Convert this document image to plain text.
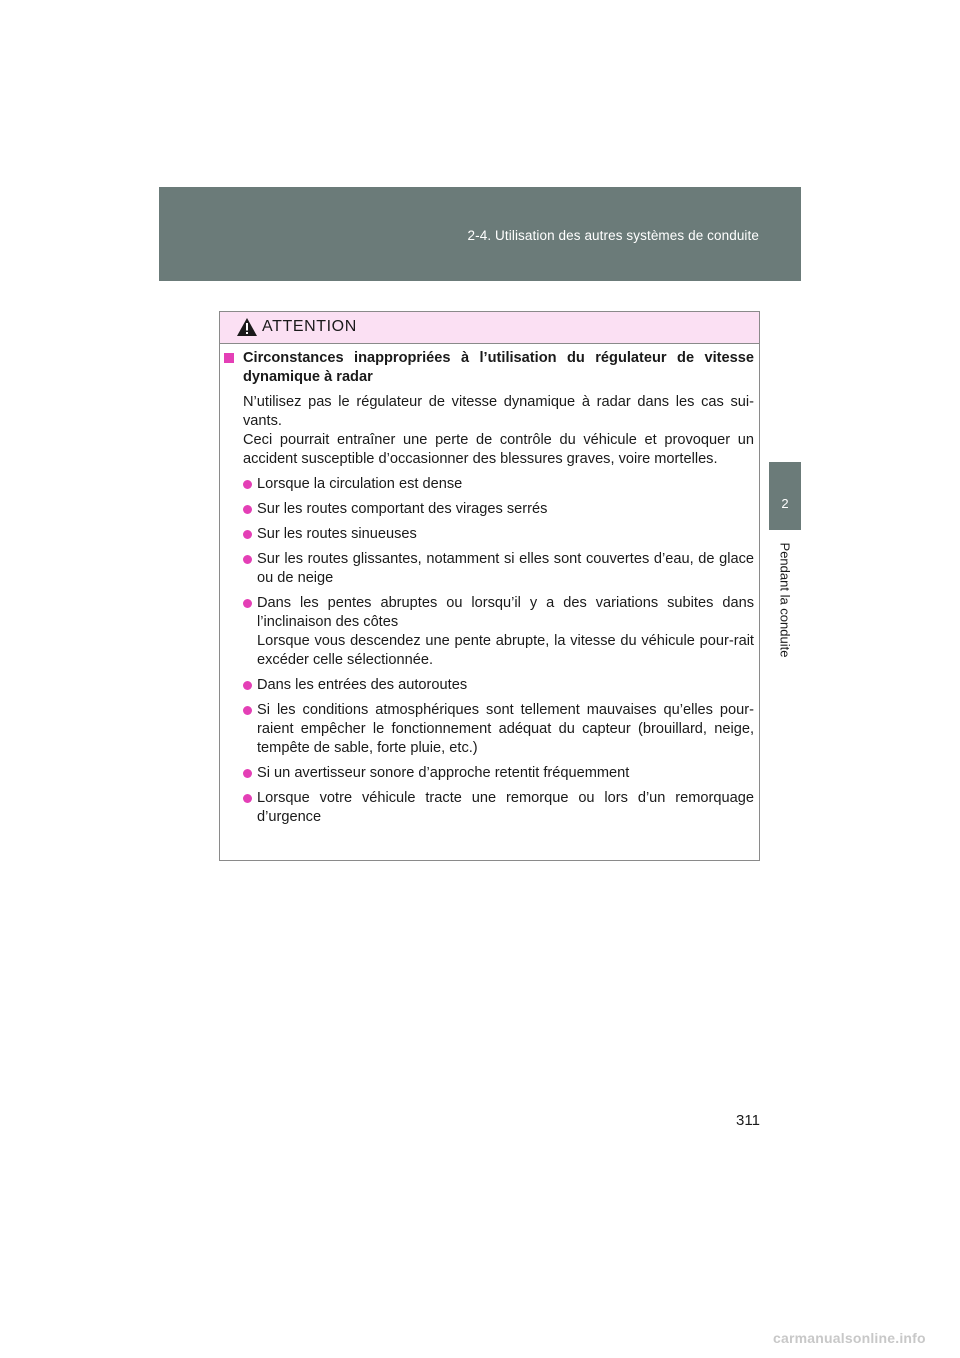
2-4. Utilisation des autres systèmes de conduite
2
Pendant la conduite
ATTENTION
Circonstances inappropriées à l’utilisation du régulateur de vitesse dynamique à radar

N’utilisez pas le régulateur de vitesse dynamique à radar dans les cas sui-vants.

Ceci pourrait entraîner une perte de contrôle du véhicule et provoquer un accident susceptible d’occasionner des blessures graves, voire mortelles.

Lorsque la circulation est dense
Sur les routes comportant des virages serrés
Sur les routes sinueuses
Sur les routes glissantes, notamment si elles sont couvertes d’eau, de glace ou de neige
Dans les pentes abruptes ou lorsqu’il y a des variations subites dans l’inclinaison des côtes
Lorsque vous descendez une pente abrupte, la vitesse du véhicule pour-rait excéder celle sélectionnée.
Dans les entrées des autoroutes
Si les conditions atmosphériques sont tellement mauvaises qu’elles pour-raient empêcher le fonctionnement adéquat du capteur (brouillard, neige, tempête de sable, forte pluie, etc.)
Si un avertisseur sonore d’approche retentit fréquemment
Lorsque votre véhicule tracte une remorque ou lors d’un remorquage d’urgence
311
carmanualsonline.info
